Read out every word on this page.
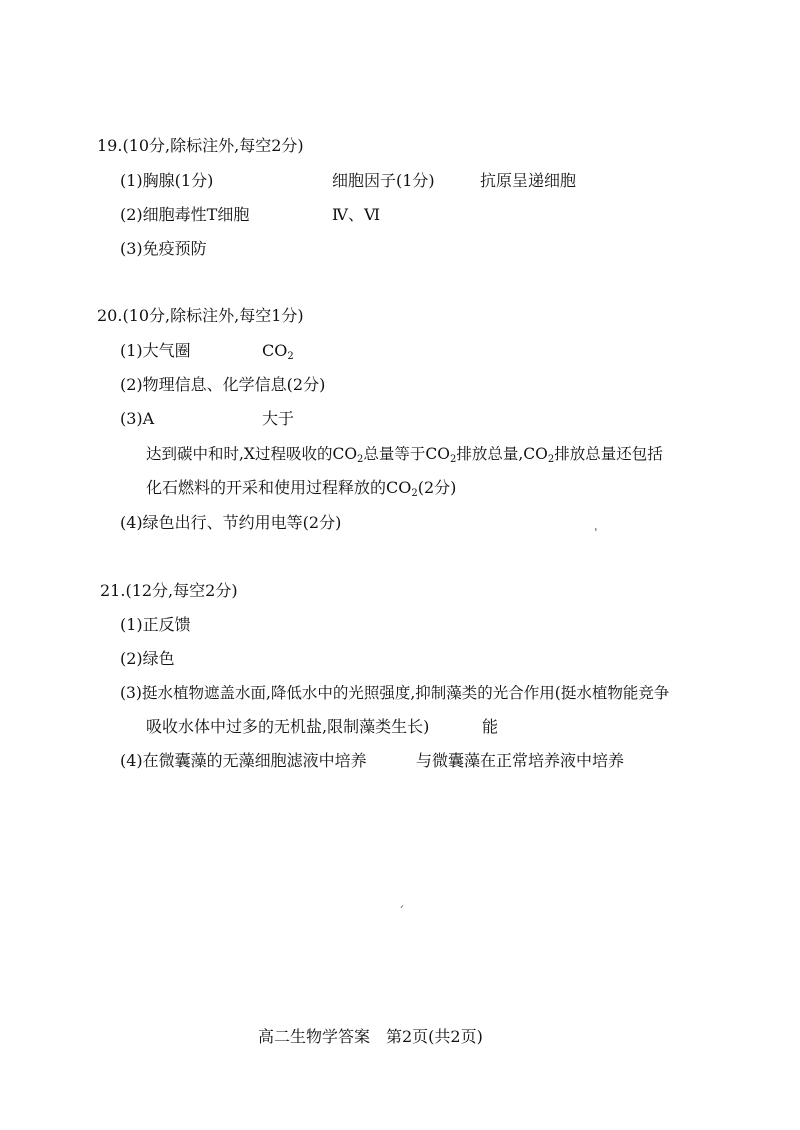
19.(10分,除标注外,每空2分)
(1)胸腺(1分)	细胞因子(1分)	抗原呈递细胞
(2)细胞毒性T细胞	Ⅳ、Ⅵ
(3)免疫预防
20.(10分,除标注外,每空1分)
(1)大气圈	$CO_2$
(2)物理信息、化学信息(2分)
(3)A	大于
达到碳中和时,X过程吸收的$CO_2$总量等于$CO_2$排放总量$,CO_2$排放总量还包括
化石燃料的开采和使用过程释放的$CO_2(2$分)
(4)绿色出行、节约用电等(2分)
21.(12分,每空2分)
(1)正反馈
(2)绿色
(3)挺水植物遮盖水面,降低水中的光照强度,抑制藻类的光合作用(挺水植物能竞争
吸收水体中过多的无机盐,限制藻类生长)	能
(4)在微囊藻的无藻细胞滤液中培养	与微囊藻在正常培养液中培养
ˈ
ˊ
高二生物学答案　第2页(共2页)
